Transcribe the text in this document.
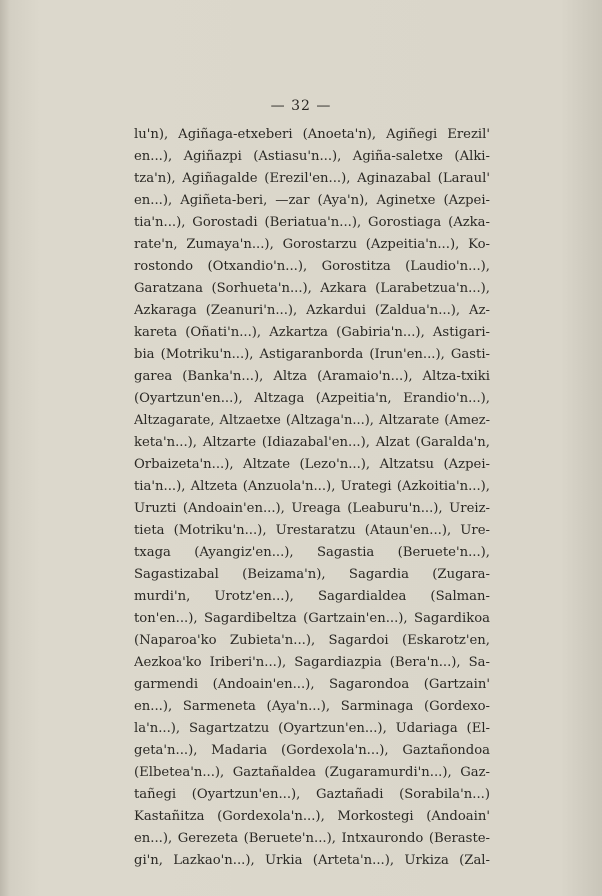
— 32 —
lu'n), Agiñaga-etxeberi (Anoeta'n), Agiñegi Erezil'
en...), Agiñazpi (Astiasu'n...), Agiña-saletxe (Alki-
tza'n), Agiñagalde (Erezil'en...), Aginazabal (Laraul'
en...), Agiñeta-beri, —zar (Aya'n), Aginetxe (Azpei-
tia'n...), Gorostadi (Beriatua'n...), Gorostiaga (Azka-
rate'n, Zumaya'n...), Gorostarzu (Azpeitia'n...), Ko-
rostondo (Otxandio'n...), Gorostitza (Laudio'n...),
Garatzana (Sorhueta'n...), Azkara (Larabetzua'n...),
Azkaraga (Zeanuri'n...), Azkardui (Zaldua'n...), Az-
kareta (Oñati'n...), Azkartza (Gabiria'n...), Astigari-
bia (Motriku'n...), Astigaranborda (Irun'en...), Gasti-
garea (Banka'n...), Altza (Aramaio'n...), Altza-txiki
(Oyartzun'en...), Altzaga (Azpeitia'n, Erandio'n...),
Altzagarate, Altzaetxe (Altzaga'n...), Altzarate (Amez-
keta'n...), Altzarte (Idiazabal'en...), Alzat (Garalda'n,
Orbaizeta'n...), Altzate (Lezo'n...), Altzatsu (Azpei-
tia'n...), Altzeta (Anzuola'n...), Urategi (Azkoitia'n...),
Uruzti (Andoain'en...), Ureaga (Leaburu'n...), Ureiz-
tieta (Motriku'n...), Urestaratzu (Ataun'en...), Ure-
txaga (Ayangiz'en...), Sagastia (Beruete'n...),
Sagastizabal (Beizama'n), Sagardia (Zugara-
murdi'n, Urotz'en...), Sagardialdea (Salman-
ton'en...), Sagardibeltza (Gartzain'en...), Sagardikoa
(Naparoa'ko Zubieta'n...), Sagardoi (Eskarotz'en,
Aezkoa'ko Iriberi'n...), Sagardiazpia (Bera'n...), Sa-
garmendi (Andoain'en...), Sagarondoa (Gartzain'
en...), Sarmeneta (Aya'n...), Sarminaga (Gordexo-
la'n...), Sagartzatzu (Oyartzun'en...), Udariaga (El-
geta'n...), Madaria (Gordexola'n...), Gaztañondoa
(Elbetea'n...), Gaztañaldea (Zugaramurdi'n...), Gaz-
tañegi (Oyartzun'en...), Gaztañadi (Sorabila'n...)
Kastañitza (Gordexola'n...), Morkostegi (Andoain'
en...), Gerezeta (Beruete'n...), Intxaurondo (Beraste-
gi'n, Lazkao'n...), Urkia (Arteta'n...), Urkiza (Zal-
